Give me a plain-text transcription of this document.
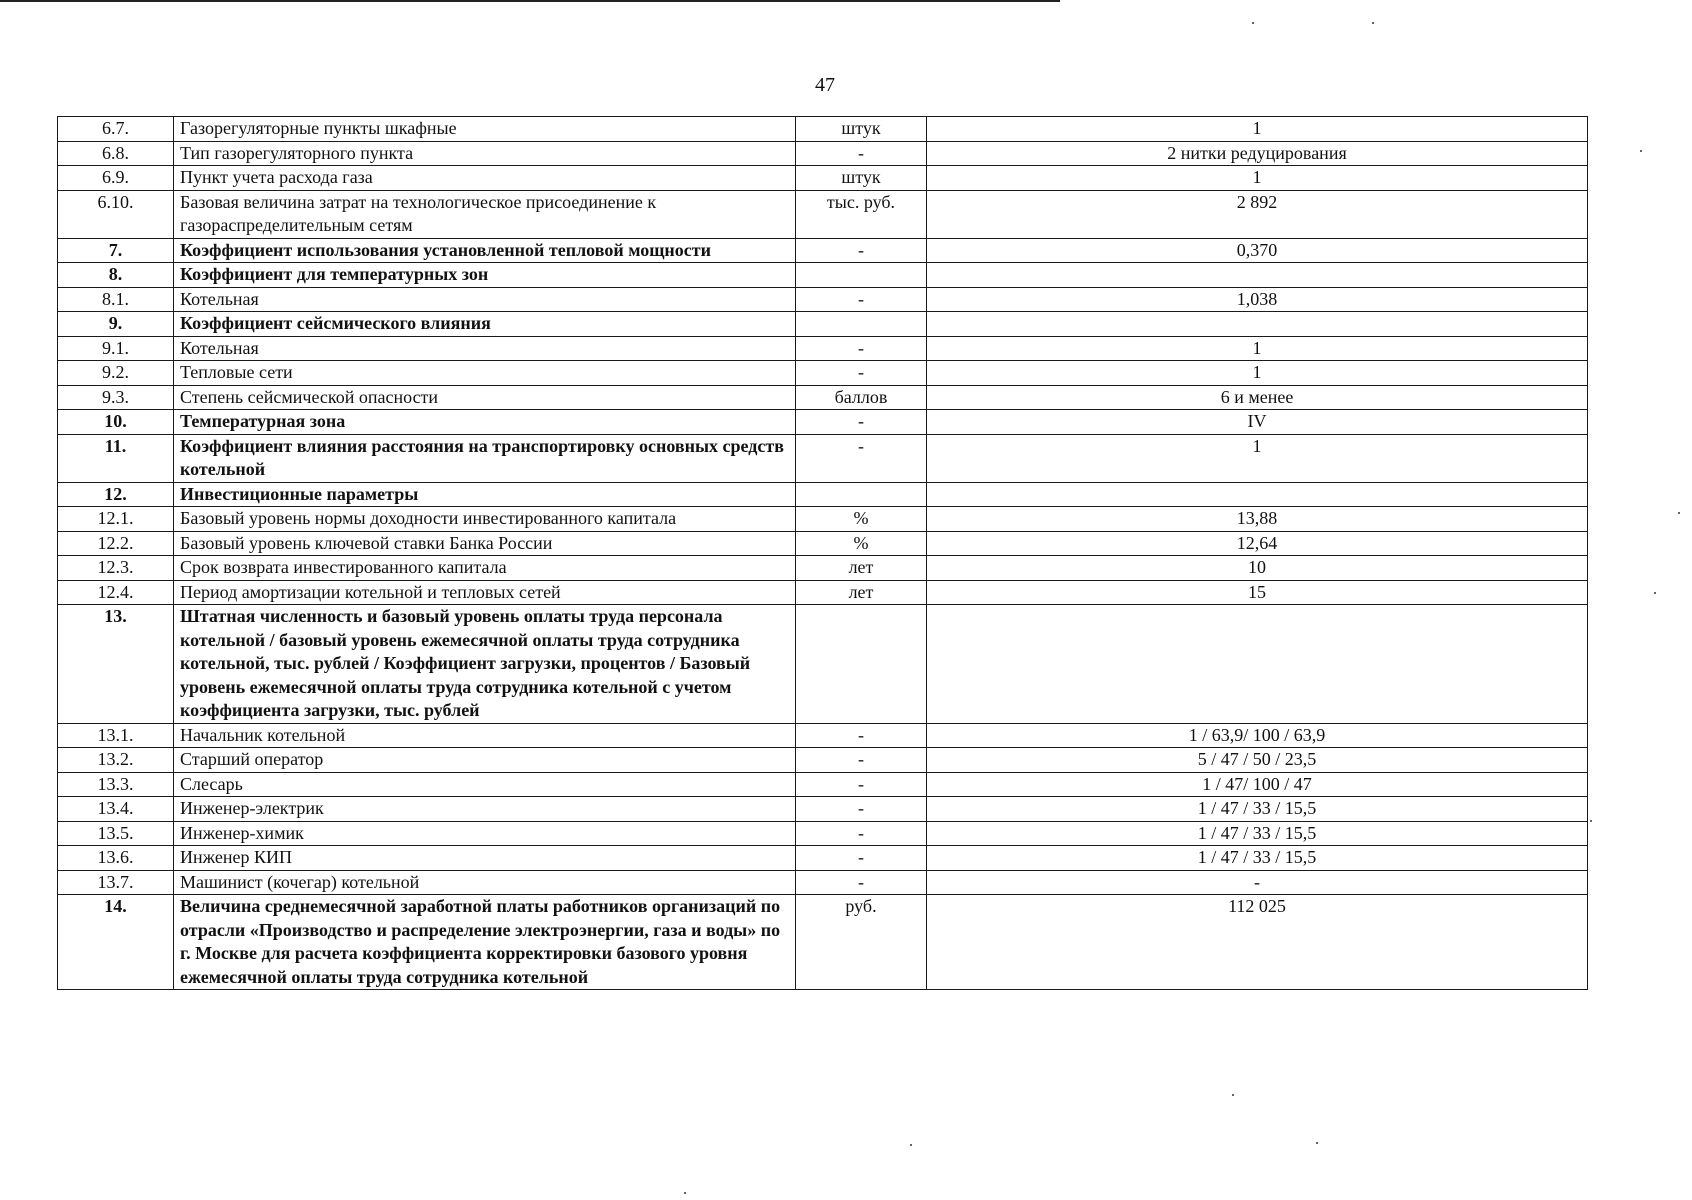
47
6.7.	Газорегуляторные пункты шкафные	штук	1
6.8.	Тип газорегуляторного пункта	-	2 нитки редуцирования
6.9.	Пункт учета расхода газа	штук	1
6.10.	Базовая величина затрат на технологическое присоединение к газораспределительным сетям	тыс. руб.	2 892
7.	Коэффициент использования установленной тепловой мощности	-	0,370
8.	Коэффициент для температурных зон		
8.1.	Котельная	-	1,038
9.	Коэффициент сейсмического влияния		
9.1.	Котельная	-	1
9.2.	Тепловые сети	-	1
9.3.	Степень сейсмической опасности	баллов	6 и менее
10.	Температурная зона	-	IV
11.	Коэффициент влияния расстояния на транспортировку основных средств котельной	-	1
12.	Инвестиционные параметры		
12.1.	Базовый уровень нормы доходности инвестированного капитала	%	13,88
12.2.	Базовый уровень ключевой ставки Банка России	%	12,64
12.3.	Срок возврата инвестированного капитала	лет	10
12.4.	Период амортизации котельной и тепловых сетей	лет	15
13.	Штатная численность и базовый уровень оплаты труда персонала котельной / базовый уровень ежемесячной оплаты труда сотрудника котельной, тыс. рублей / Коэффициент загрузки, процентов / Базовый уровень ежемесячной оплаты труда сотрудника котельной с учетом коэффициента загрузки, тыс. рублей		
13.1.	Начальник котельной	-	1 / 63,9/ 100 / 63,9
13.2.	Старший оператор	-	5 / 47 / 50 / 23,5
13.3.	Слесарь	-	1 / 47/ 100 / 47
13.4.	Инженер-электрик	-	1 / 47 / 33 / 15,5
13.5.	Инженер-химик	-	1 / 47 / 33 / 15,5
13.6.	Инженер КИП	-	1 / 47 / 33 / 15,5
13.7.	Машинист (кочегар) котельной	-	-
14.	Величина среднемесячной заработной платы работников организаций по отрасли «Производство и распределение электроэнергии, газа и воды» по г. Москве для расчета коэффициента корректировки базового уровня ежемесячной оплаты труда сотрудника котельной	руб.	112 025
